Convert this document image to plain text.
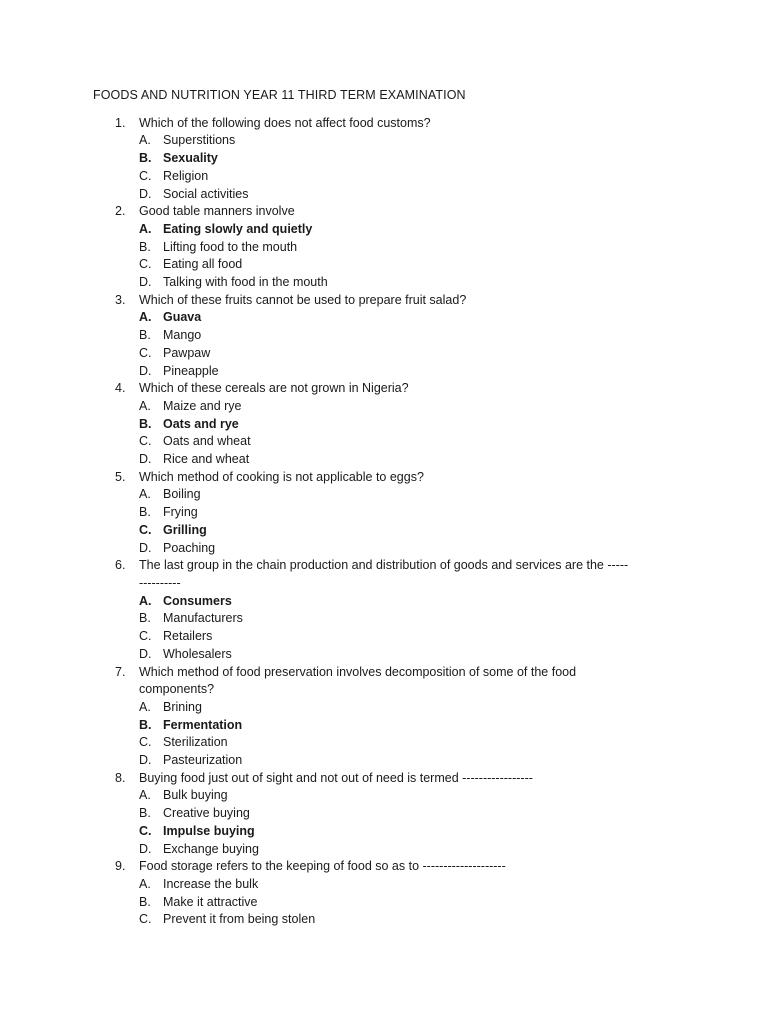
FOODS AND NUTRITION YEAR 11 THIRD TERM EXAMINATION
1. Which of the following does not affect food customs?
A. Superstitions
B. Sexuality
C. Religion
D. Social activities
2. Good table manners involve
A. Eating slowly and quietly
B. Lifting food to the mouth
C. Eating all food
D. Talking with food in the mouth
3. Which of these fruits cannot be used to prepare fruit salad?
A. Guava
B. Mango
C. Pawpaw
D. Pineapple
4. Which of these cereals are not grown in Nigeria?
A. Maize and rye
B. Oats and rye
C. Oats and wheat
D. Rice and wheat
5. Which method of cooking is not applicable to eggs?
A. Boiling
B. Frying
C. Grilling
D. Poaching
6. The last group in the chain production and distribution of goods and services are the ---------------
A. Consumers
B. Manufacturers
C. Retailers
D. Wholesalers
7. Which method of food preservation involves decomposition of some of the food components?
A. Brining
B. Fermentation
C. Sterilization
D. Pasteurization
8. Buying food just out of sight and not out of need is termed -----------------
A. Bulk buying
B. Creative buying
C. Impulse buying
D. Exchange buying
9. Food storage refers to the keeping of food so as to --------------------
A. Increase the bulk
B. Make it attractive
C. Prevent it from being stolen
